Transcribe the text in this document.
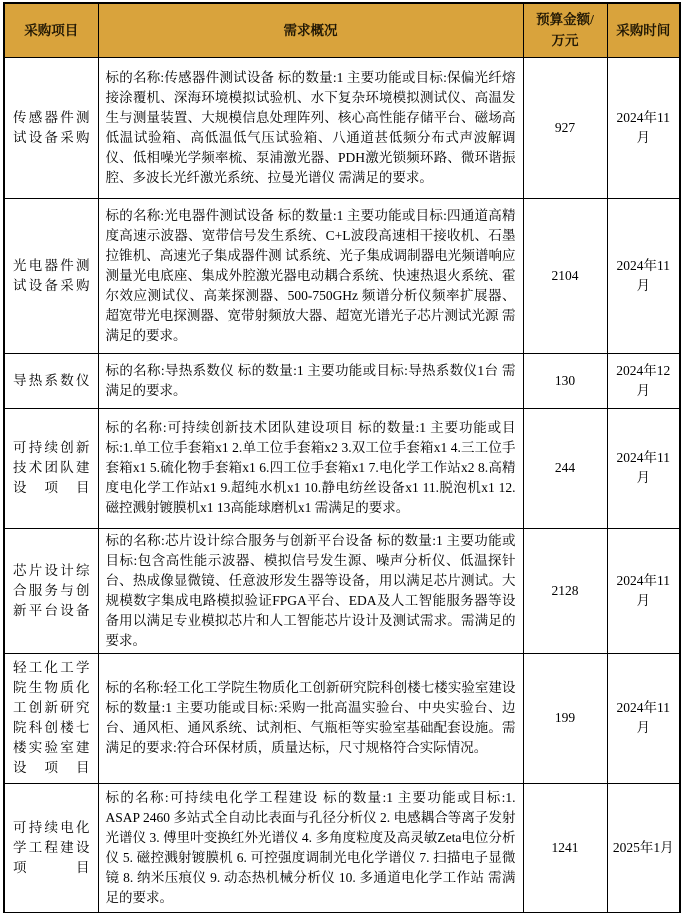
采购项目	需求概况	预算金额/万元	采购时间
传感器件测试设备采购	标的名称:传感器件测试设备 标的数量:1 主要功能或目标:保偏光纤熔接涂覆机、深海环境模拟试验机、水下复杂环境模拟测试仪、高温发生与测量装置、大规模信息处理阵列、核心高性能存储平台、磁场高低温试验箱、高低温低气压试验箱、八通道甚低频分布式声波解调仪、低相噪光学频率梳、泵浦激光器、PDH激光锁频环路、微环谐振腔、多波长光纤激光系统、拉曼光谱仪 需满足的要求。	927	2024年11月
光电器件测试设备采购	标的名称:光电器件测试设备 标的数量:1 主要功能或目标:四通道高精度高速示波器、宽带信号发生系统、C+L波段高速相干接收机、石墨拉锥机、高速光子集成器件测 试系统、光子集成调制器电光频谱响应测量光电底座、集成外腔激光器电动耦合系统、快速热退火系统、霍尔效应测试仪、高莱探测器、500-750GHz 频谱分析仪频率扩展器、超宽带光电探测器、宽带射频放大器、超宽光谱光子芯片测试光源 需满足的要求。	2104	2024年11月
导热系数仪	标的名称:导热系数仪 标的数量:1 主要功能或目标:导热系数仪1台 需满足的要求。	130	2024年12月
可持续创新技术团队建设项目	标的名称:可持续创新技术团队建设项目 标的数量:1 主要功能或目标:1.单工位手套箱x1 2.单工位手套箱x2 3.双工位手套箱x1 4.三工位手套箱x1 5.硫化物手套箱x1 6.四工位手套箱x1 7.电化学工作站x2 8.高精度电化学工作站x1 9.超纯水机x1 10.静电纺丝设备x1 11.脱泡机x1 12.磁控溅射镀膜机x1 13高能球磨机x1 需满足的要求。	244	2024年11月
芯片设计综合服务与创新平台设备	标的名称:芯片设计综合服务与创新平台设备 标的数量:1 主要功能或目标:包含高性能示波器、模拟信号发生源、噪声分析仪、低温探针台、热成像显微镜、任意波形发生器等设备，用以满足芯片测试。大规模数字集成电路模拟验证FPGA平台、EDA及人工智能服务器等设备用以满足专业模拟芯片和人工智能芯片设计及测试需求。需满足的要求。	2128	2024年11月
轻工化工学院生物质化工创新研究院科创楼七楼实验室建设项目	标的名称:轻工化工学院生物质化工创新研究院科创楼七楼实验室建设 标的数量:1 主要功能或目标:采购一批高温实验台、中央实验台、边台、通风柜、通风系统、试剂柜、气瓶柜等实验室基础配套设施。需满足的要求:符合环保材质，质量达标，尺寸规格符合实际情况。	199	2024年11月
可持续电化学工程建设项目	标的名称:可持续电化学工程建设 标的数量:1 主要功能或目标:1. ASAP 2460 多站式全自动比表面与孔径分析仪 2. 电感耦合等离子发射光谱仪 3. 傅里叶变换红外光谱仪 4. 多角度粒度及高灵敏Zeta电位分析仪 5. 磁控溅射镀膜机 6. 可控强度调制光电化学谱仪 7. 扫描电子显微镜 8. 纳米压痕仪 9. 动态热机械分析仪 10. 多通道电化学工作站 需满足的要求。	1241	2025年1月
